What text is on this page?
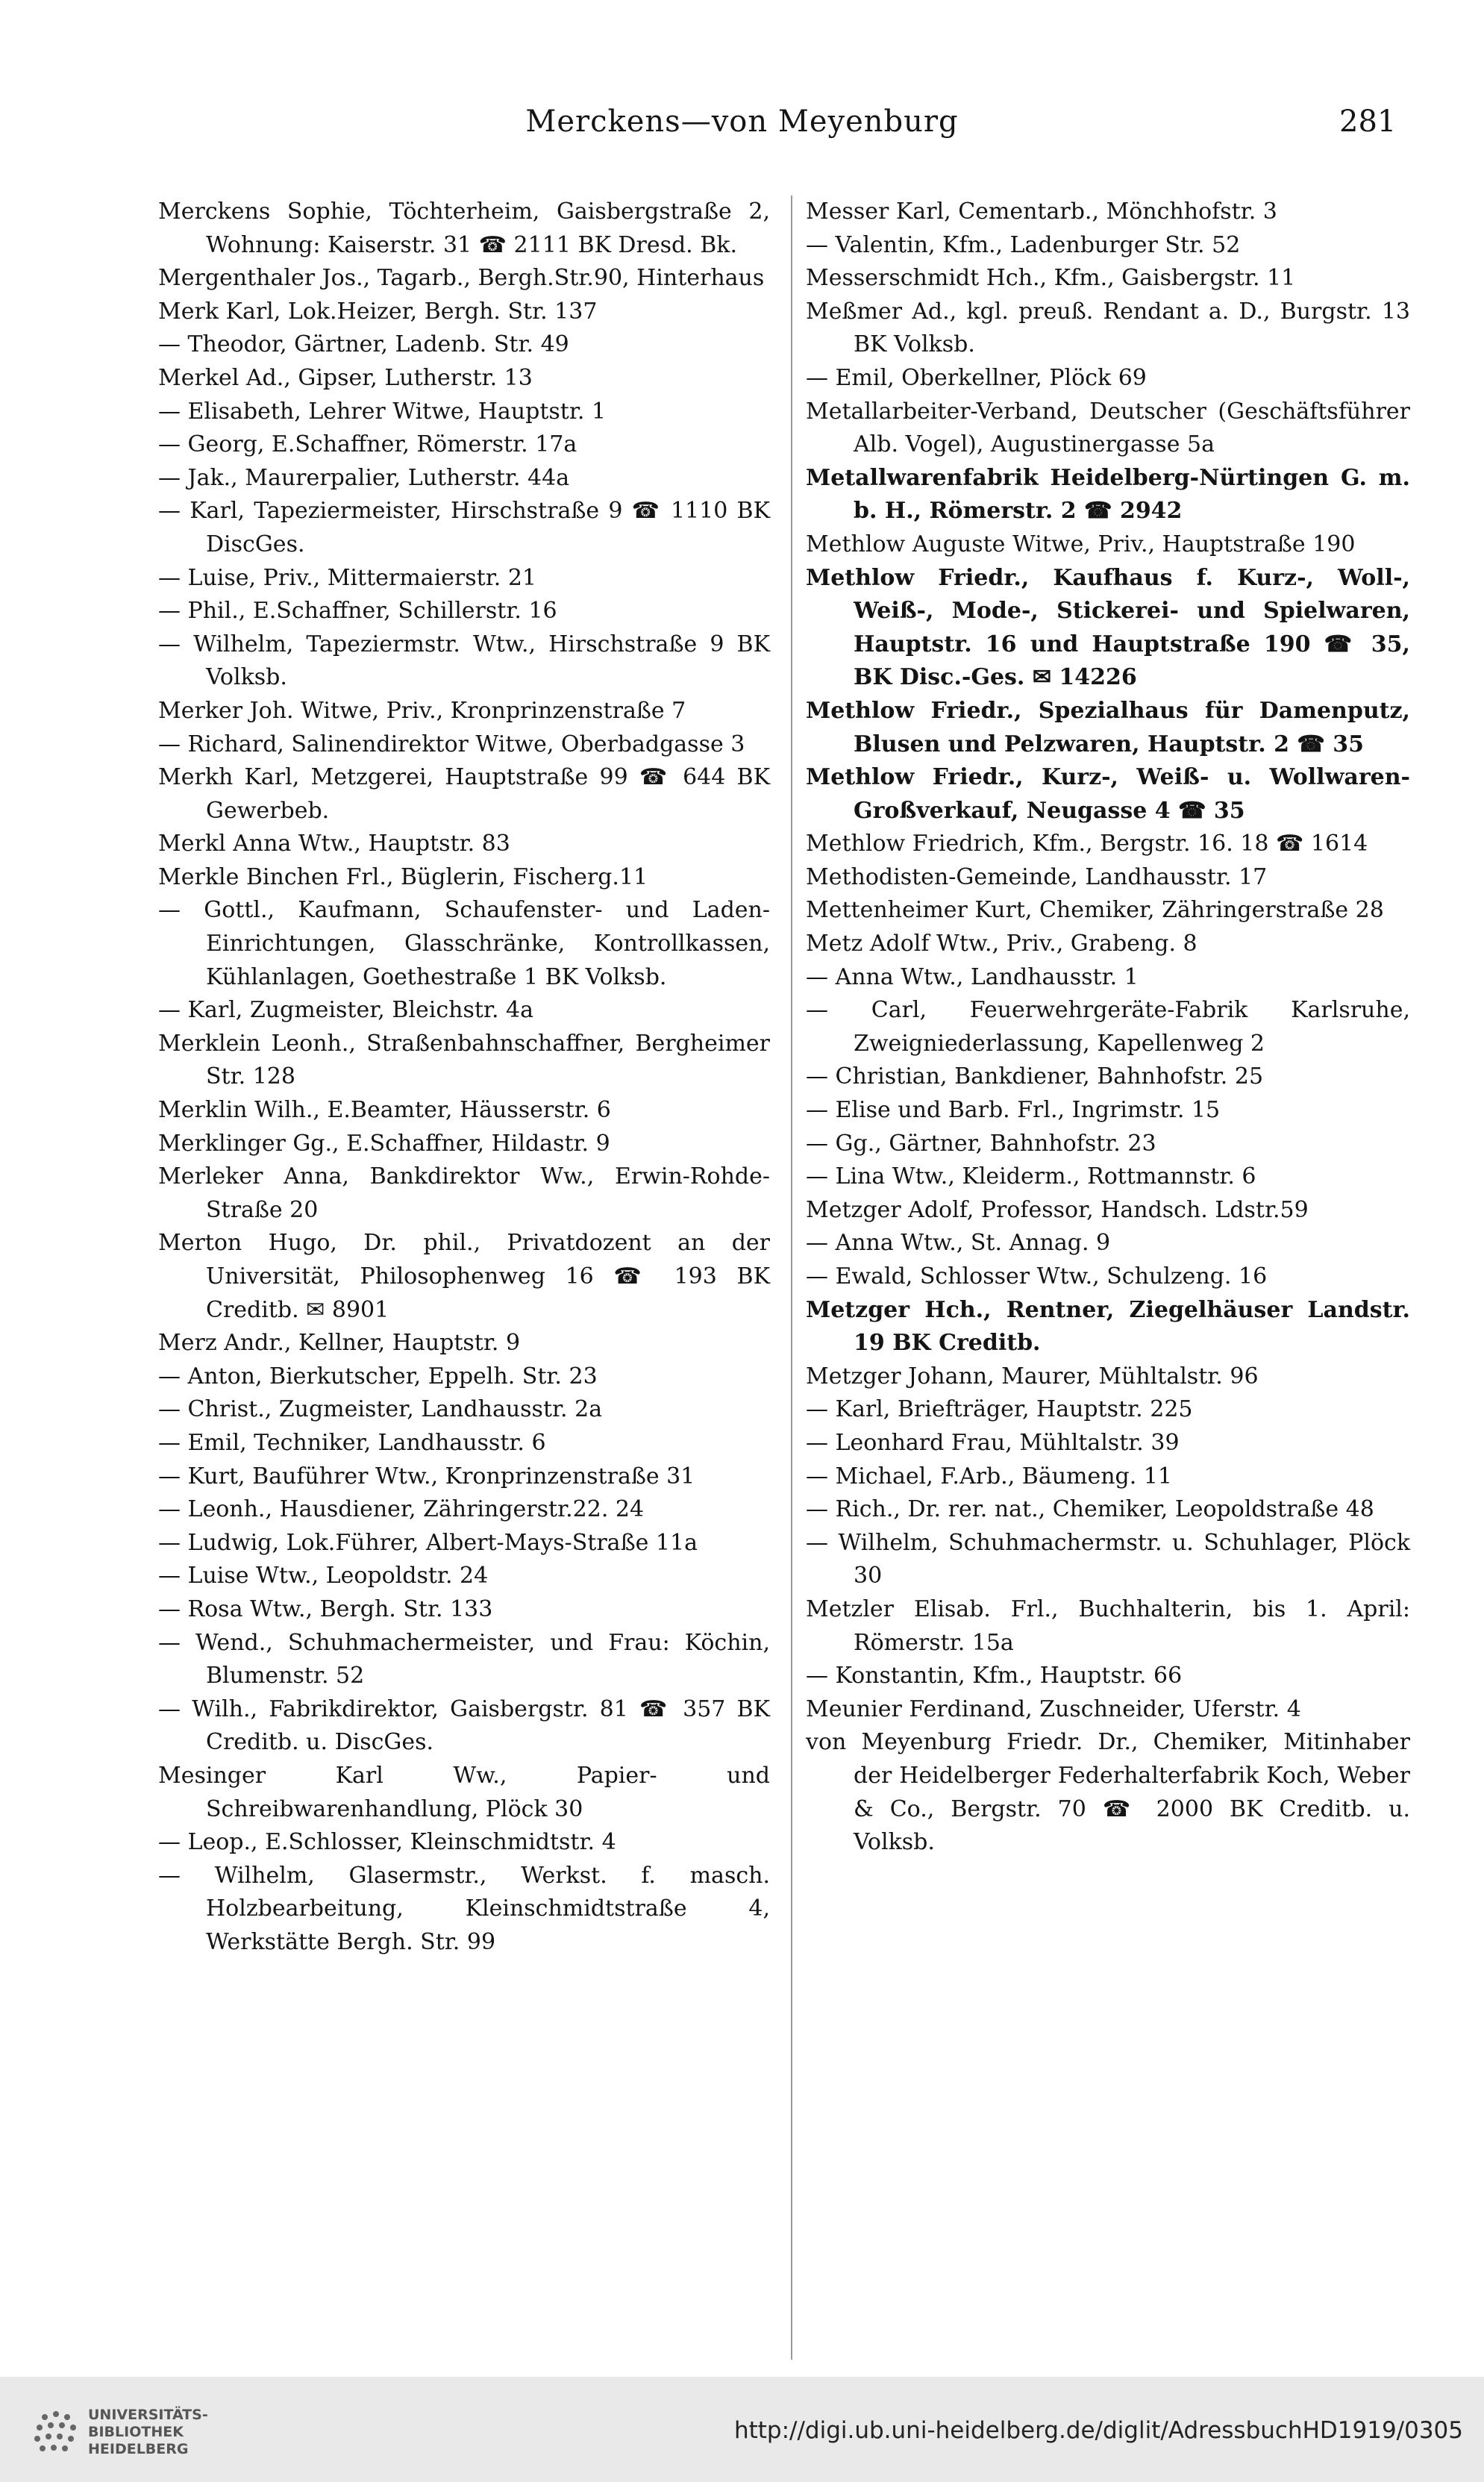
Merckens—von Meyenburg	281
Merckens Sophie, Töchterheim, Gaisbergstraße 2, Wohnung: Kaiserstr. 31 ☎ 2111 BK Dresd. Bk.
Mergenthaler Jos., Tagarb., Bergh.Str.90, Hinterhaus
Merk Karl, Lok.Heizer, Bergh. Str. 137
— Theodor, Gärtner, Ladenb. Str. 49
Merkel Ad., Gipser, Lutherstr. 13
— Elisabeth, Lehrer Witwe, Hauptstr. 1
— Georg, E.Schaffner, Römerstr. 17a
— Jak., Maurerpalier, Lutherstr. 44a
— Karl, Tapeziermeister, Hirschstraße 9 ☎ 1110 BK DiscGes.
— Luise, Priv., Mittermaierstr. 21
— Phil., E.Schaffner, Schillerstr. 16
— Wilhelm, Tapeziermstr. Wtw., Hirschstraße 9 BK Volksb.
Merker Joh. Witwe, Priv., Kronprinzenstraße 7
— Richard, Salinendirektor Witwe, Oberbadgasse 3
Merkh Karl, Metzgerei, Hauptstraße 99 ☎ 644 BK Gewerbeb.
Merkl Anna Wtw., Hauptstr. 83
Merkle Binchen Frl., Büglerin, Fischerg.11
— Gottl., Kaufmann, Schaufenster- und Laden-Einrichtungen, Glasschränke, Kontrollkassen, Kühlanlagen, Goethestraße 1 BK Volksb.
— Karl, Zugmeister, Bleichstr. 4a
Merklein Leonh., Straßenbahnschaffner, Bergheimer Str. 128
Merklin Wilh., E.Beamter, Häusserstr. 6
Merklinger Gg., E.Schaffner, Hildastr. 9
Merleker Anna, Bankdirektor Ww., Erwin-Rohde-Straße 20
Merton Hugo, Dr. phil., Privatdozent an der Universität, Philosophenweg 16 ☎ 193 BK Creditb. ✉ 8901
Merz Andr., Kellner, Hauptstr. 9
— Anton, Bierkutscher, Eppelh. Str. 23
— Christ., Zugmeister, Landhausstr. 2a
— Emil, Techniker, Landhausstr. 6
— Kurt, Bauführer Wtw., Kronprinzenstraße 31
— Leonh., Hausdiener, Zähringerstr.22. 24
— Ludwig, Lok.Führer, Albert-Mays-Straße 11a
— Luise Wtw., Leopoldstr. 24
— Rosa Wtw., Bergh. Str. 133
— Wend., Schuhmachermeister, und Frau: Köchin, Blumenstr. 52
— Wilh., Fabrikdirektor, Gaisbergstr. 81 ☎ 357 BK Creditb. u. DiscGes.
Mesinger Karl Ww., Papier- und Schreibwarenhandlung, Plöck 30
— Leop., E.Schlosser, Kleinschmidtstr. 4
— Wilhelm, Glasermstr., Werkst. f. masch. Holzbearbeitung, Kleinschmidtstraße 4, Werkstätte Bergh. Str. 99
Messer Karl, Cementarb., Mönchhofstr. 3
— Valentin, Kfm., Ladenburger Str. 52
Messerschmidt Hch., Kfm., Gaisbergstr. 11
Meßmer Ad., kgl. preuß. Rendant a. D., Burgstr. 13 BK Volksb.
— Emil, Oberkellner, Plöck 69
Metallarbeiter-Verband, Deutscher (Geschäftsführer Alb. Vogel), Augustinergasse 5a
Metallwarenfabrik Heidelberg-Nürtingen G. m. b. H., Römerstr. 2 ☎ 2942
Methlow Auguste Witwe, Priv., Hauptstraße 190
Methlow Friedr., Kaufhaus f. Kurz-, Woll-, Weiß-, Mode-, Stickerei- und Spielwaren, Hauptstr. 16 und Hauptstraße 190 ☎ 35, BK Disc.-Ges. ✉ 14226
Methlow Friedr., Spezialhaus für Damenputz, Blusen und Pelzwaren, Hauptstr. 2 ☎ 35
Methlow Friedr., Kurz-, Weiß- u. Wollwaren-Großverkauf, Neugasse 4 ☎ 35
Methlow Friedrich, Kfm., Bergstr. 16. 18 ☎ 1614
Methodisten-Gemeinde, Landhausstr. 17
Mettenheimer Kurt, Chemiker, Zähringerstraße 28
Metz Adolf Wtw., Priv., Grabeng. 8
— Anna Wtw., Landhausstr. 1
— Carl, Feuerwehrgeräte-Fabrik Karlsruhe, Zweigniederlassung, Kapellenweg 2
— Christian, Bankdiener, Bahnhofstr. 25
— Elise und Barb. Frl., Ingrimstr. 15
— Gg., Gärtner, Bahnhofstr. 23
— Lina Wtw., Kleiderm., Rottmannstr. 6
Metzger Adolf, Professor, Handsch. Ldstr.59
— Anna Wtw., St. Annag. 9
— Ewald, Schlosser Wtw., Schulzeng. 16
Metzger Hch., Rentner, Ziegelhäuser Landstr. 19 BK Creditb.
Metzger Johann, Maurer, Mühltalstr. 96
— Karl, Briefträger, Hauptstr. 225
— Leonhard Frau, Mühltalstr. 39
— Michael, F.Arb., Bäumeng. 11
— Rich., Dr. rer. nat., Chemiker, Leopoldstraße 48
— Wilhelm, Schuhmachermstr. u. Schuhlager, Plöck 30
Metzler Elisab. Frl., Buchhalterin, bis 1. April: Römerstr. 15a
— Konstantin, Kfm., Hauptstr. 66
Meunier Ferdinand, Zuschneider, Uferstr. 4
von Meyenburg Friedr. Dr., Chemiker, Mitinhaber der Heidelberger Federhalterfabrik Koch, Weber & Co., Bergstr. 70 ☎ 2000 BK Creditb. u. Volksb.
UNIVERSITÄTS-
BIBLIOTHEK
HEIDELBERG
http://digi.ub.uni-heidelberg.de/diglit/AdressbuchHD1919/0305
